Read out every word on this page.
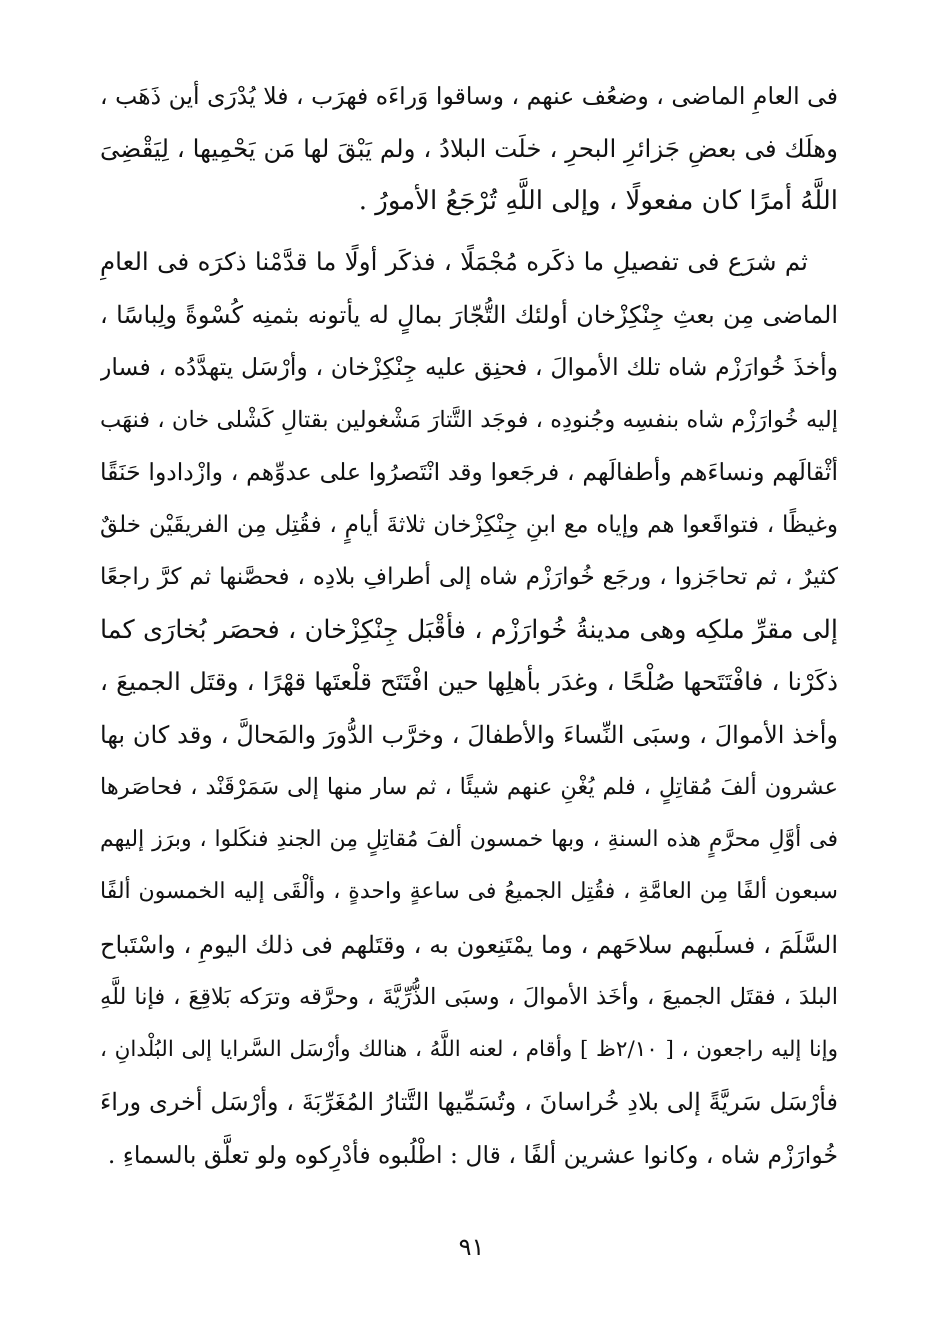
فى العامِ الماضى ، وضعُف عنهم ، وساقوا وَراءَه فهرَب ، فلا يُدْرَى أين ذَهَب ،
وهلَك فى بعضِ جَزائرِ البحرِ ، خلَت البلادُ ، ولم يَبْقَ لها مَن يَحْمِيها ، لِيَقْضِىَ
اللَّهُ أمرًا كان مفعولًا ، وإلى اللَّهِ تُرْجَعُ الأمورُ .
ثم شرَع فى تفصيلِ ما ذكَره مُجْمَلًا ، فذكَر أولًا ما قدَّمْنا ذكرَه فى العامِ
الماضى مِن بعثِ جِنْكِزْخان أولئك التُّجّارَ بمالٍ له يأتونه بثمنِه كُسْوةً ولِباسًا ،
وأخذَ خُوارَزْم شاه تلك الأموالَ ، فحنِق عليه جِنْكِزْخان ، وأرْسَل يتهدَّدُه ، فسار
إليه خُوارَزْم شاه بنفسِه وجُنودِه ، فوجَد التَّتارَ مَشْغولين بقتالِ كَشْلى خان ، فنهَب
أثْقالَهم ونساءَهم وأطفالَهم ، فرجَعوا وقد انْتَصرُوا على عدوِّهم ، وازْدادوا حَنَقًا
وغيظًا ، فتواقَعوا هم وإياه مع ابنِ جِنْكِزْخان ثلاثةَ أيامٍ ، فقُتِل مِن الفريقَيْن خلقٌ
كثيرٌ ، ثم تحاجَزوا ، ورجَع خُوارَزْم شاه إلى أطرافِ بلادِه ، فحصَّنها ثم كرَّ راجعًا
إلى مقرِّ ملكِه وهى مدينةُ خُوارَزْم ، فأقْبَل جِنْكِزْخان ، فحصَر بُخارَى كما
ذكَرْنا ، فافْتَتَحها صُلْحًا ، وغدَر بأهلِها حين افْتَتَح قلْعتَها قهْرًا ، وقتَل الجميعَ ،
وأخذ الأموالَ ، وسبَى النِّساءَ والأطفالَ ، وخرَّب الدُّورَ والمَحالَّ ، وقد كان بها
عشرون ألفَ مُقاتِلٍ ، فلم يُغْنِ عنهم شيئًا ، ثم سار منها إلى سَمَرْقَنْد ، فحاصَرها
فى أوَّلِ محرَّمٍ هذه السنةِ ، وبها خمسون ألفَ مُقاتِلٍ مِن الجندِ فنكَلوا ، وبرَز إليهم
سبعون ألفًا مِن العامَّةِ ، فقُتِل الجميعُ فى ساعةٍ واحدةٍ ، وألْقَى إليه الخمسون ألفًا
السَّلَمَ ، فسلَبهم سلاحَهم ، وما يمْتَنِعون به ، وقتَلهم فى ذلك اليومِ ، واسْتَباح
البلدَ ، فقتَل الجميعَ ، وأخَذ الأموالَ ، وسبَى الذُّرِّيَّةَ ، وحرَّقه وترَكه بَلاقِعَ ، فإنا للَّهِ
وإنا إليه راجعون ، [ ٢/١٠ظ ] وأقام ، لعنه اللَّهُ ، هنالك وأرْسَل السَّرايا إلى البُلْدانِ ،
فأرْسَل سَريَّةً إلى بلادِ خُراسانَ ، وتُسَمِّيها التَّتارُ المُغَرِّبَةَ ، وأرْسَل أخرى وراءَ
خُوارَزْم شاه ، وكانوا عشرين ألفًا ، قال : اطْلُبوه فأدْرِكوه ولو تعلَّق بالسماءِ .
٩١
